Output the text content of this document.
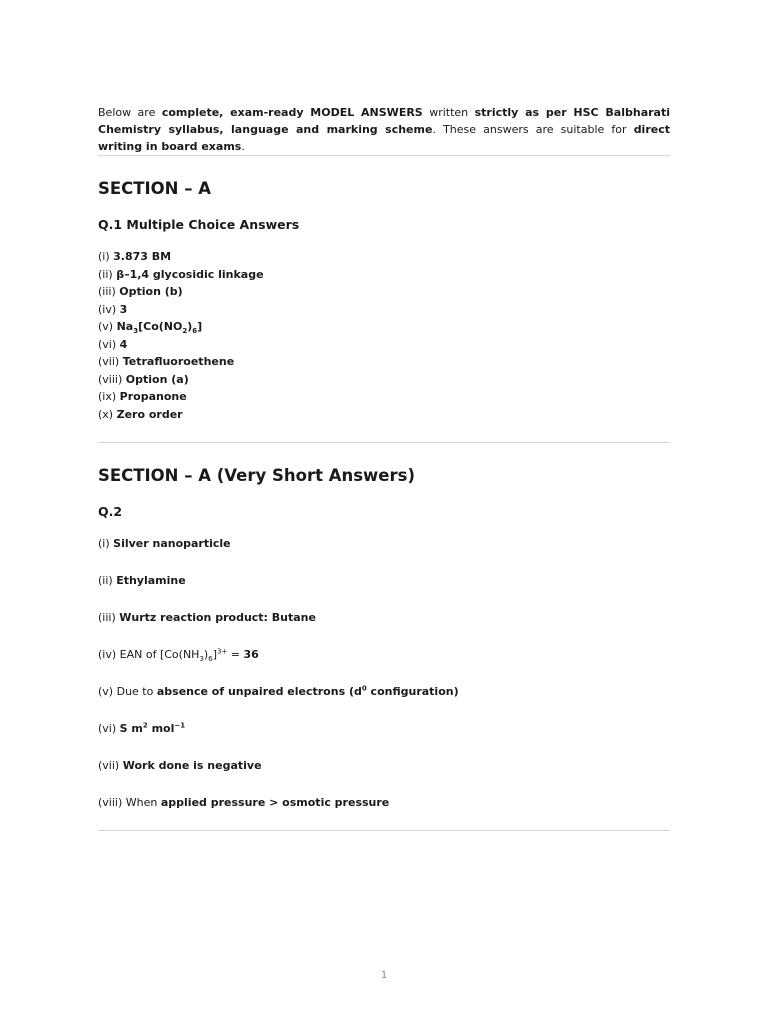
Below are complete, exam-ready MODEL ANSWERS written strictly as per HSC Balbharati Chemistry syllabus, language and marking scheme. These answers are suitable for direct writing in board exams.

SECTION – A
Q.1 Multiple Choice Answers
(i) 3.873 BM
(ii) β–1,4 glycosidic linkage
(iii) Option (b)
(iv) 3
(v) $Na_3[Co(NO_2)_6]$
(vi) 4
(vii) Tetrafluoroethene
(viii) Option (a)
(ix) Propanone
(x) Zero order
SECTION – A (Very Short Answers)
Q.2
(i) Silver nanoparticle
(ii) Ethylamine
(iii) Wurtz reaction product: Butane
(iv) EAN of $[Co(NH_3)_6]^{3+} = 36$
(v) Due to absence of unpaired electrons ($d^0$ configuration)
(vi) S $m^2$ mol$^{-1}$
(vii) Work done is negative
(viii) When applied pressure > osmotic pressure
1
